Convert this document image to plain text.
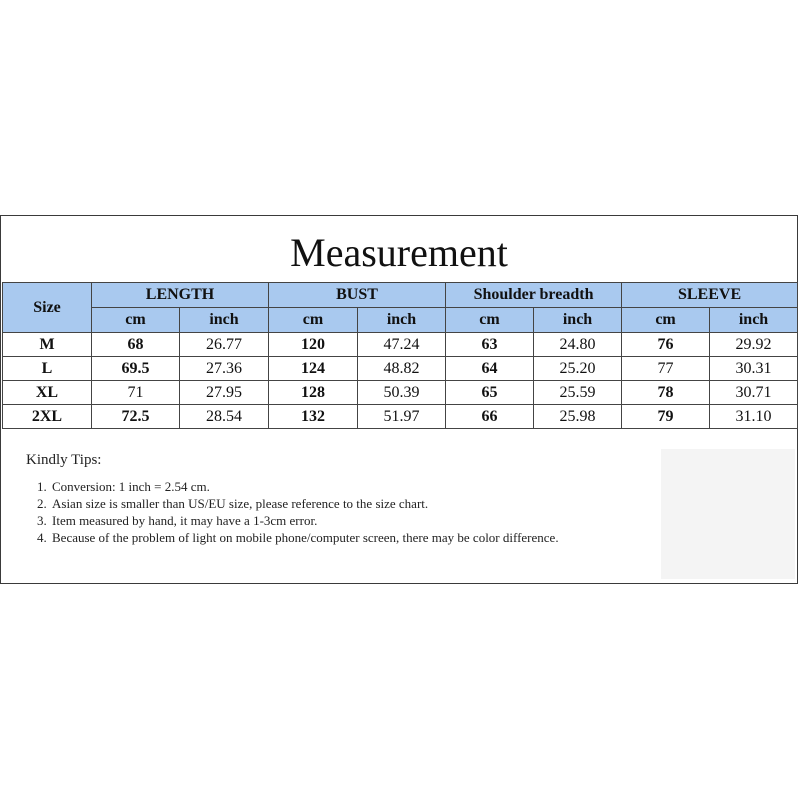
Measurement
Size	LENGTH		BUST		Shoulder breadth		SLEEVE	
	cm	inch	cm	inch	cm	inch	cm	inch
M	68	26.77	120	47.24	63	24.80	76	29.92
L	69.5	27.36	124	48.82	64	25.20	77	30.31
XL	71	27.95	128	50.39	65	25.59	78	30.71
2XL	72.5	28.54	132	51.97	66	25.98	79	31.10
Kindly Tips:
1. Conversion: 1 inch = 2.54 cm.
2. Asian size is smaller than US/EU size, please reference to the size chart.
3. Item measured by hand, it may have a 1-3cm error.
4. Because of the problem of light on mobile phone/computer screen, there may be color difference.
